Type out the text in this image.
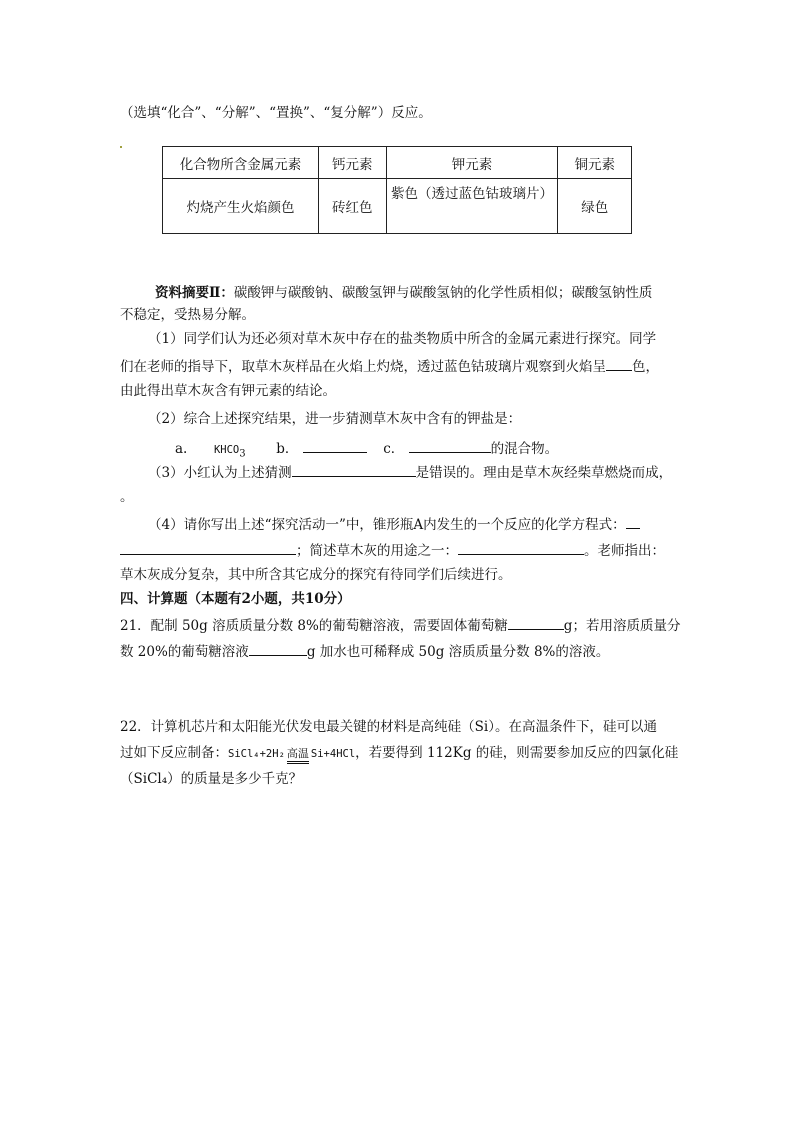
（选填“化合”、“分解”、“置换”、“复分解”）反应。
化合物所含金属元素	钙元素	钾元素	铜元素
灼烧产生火焰颜色	砖红色	紫色（透过蓝色钴玻璃片）	绿色
资料摘要Ⅱ：碳酸钾与碳酸钠、碳酸氢钾与碳酸氢钠的化学性质相似；碳酸氢钠性质
不稳定，受热易分解。
（1）同学们认为还必须对草木灰中存在的盐类物质中所含的金属元素进行探究。同学
们在老师的指导下，取草木灰样品在火焰上灼烧，透过蓝色钴玻璃片观察到火焰呈 色，
由此得出草木灰含有钾元素的结论。
（2）综合上述探究结果，进一步猜测草木灰中含有的钾盐是：
a.	$KHCO_3$ b．	c．	的混合物。
（3）小红认为上述猜测	是错误的。理由是草木灰经柴草燃烧而成，
。
（4）请你写出上述“探究活动一”中，锥形瓶A内发生的一个反应的化学方程式：
；简述草木灰的用途之一：	。老师指出：
草木灰成分复杂，其中所含其它成分的探究有待同学们后续进行。
四、计算题（本题有2小题，共10分）
21．配制 50g 溶质质量分数 8%的葡萄糖溶液，需要固体葡萄糖	g；若用溶质质量分
数 20%的葡萄糖溶液	g 加水也可稀释成 50g 溶质质量分数 8%的溶液。
22．计算机芯片和太阳能光伏发电最关键的材料是高纯硅（Si）。在高温条件下，硅可以通
过如下反应制备：SiCl₄+2H₂ 高温 Si+4HCl，若要得到 112Kg 的硅，则需要参加反应的四氯化硅
（SiCl₄）的质量是多少千克？
